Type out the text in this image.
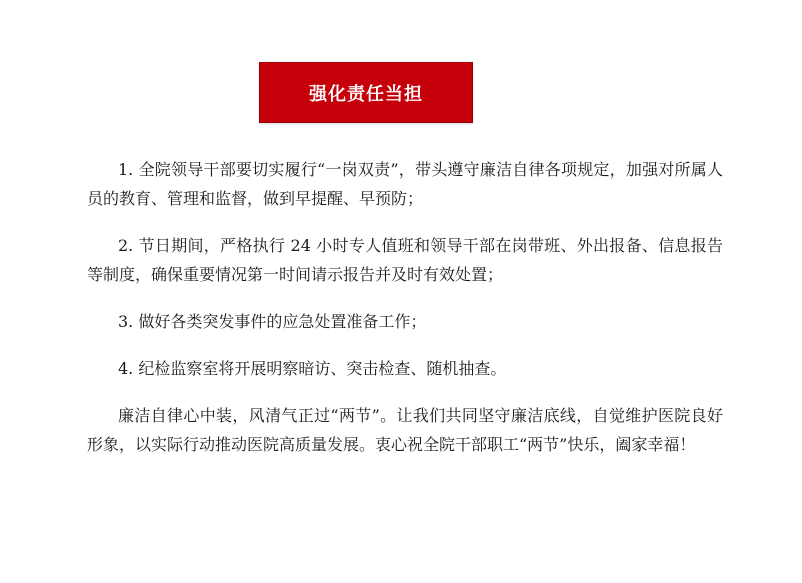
强化责任当担

1. 全院领导干部要切实履行“一岗双责”，带头遵守廉洁自律各项规定，加强对所属人员的教育、管理和监督，做到早提醒、早预防；

2. 节日期间，严格执行 24 小时专人值班和领导干部在岗带班、外出报备、信息报告等制度，确保重要情况第一时间请示报告并及时有效处置；

3. 做好各类突发事件的应急处置准备工作；

4. 纪检监察室将开展明察暗访、突击检查、随机抽查。

廉洁自律心中装，风清气正过“两节”。让我们共同坚守廉洁底线，自觉维护医院良好形象，以实际行动推动医院高质量发展。衷心祝全院干部职工“两节”快乐，阖家幸福！
